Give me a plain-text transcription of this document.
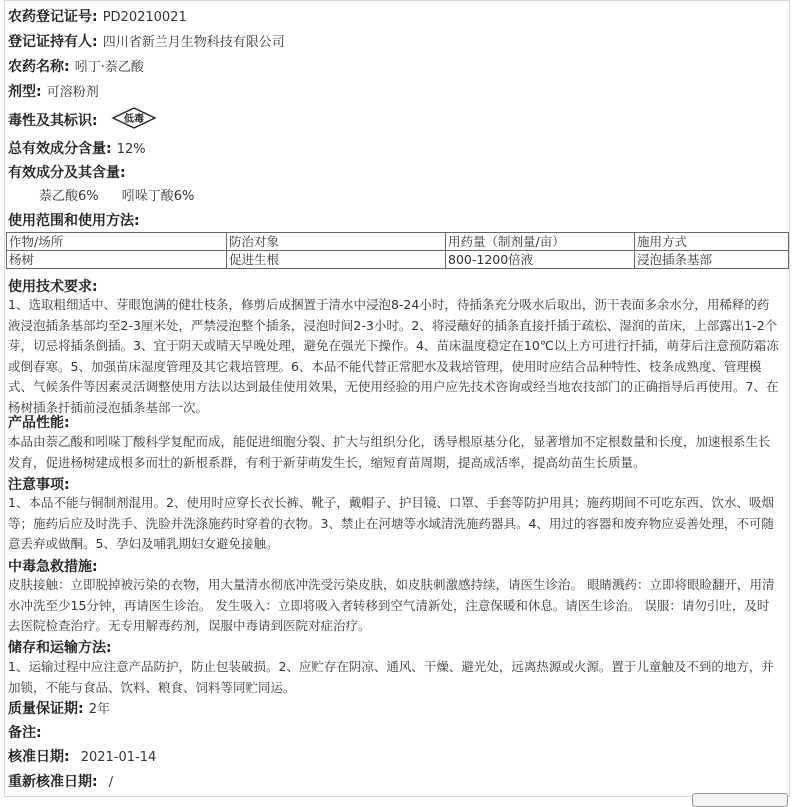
农药登记证号: PD20210021
登记证持有人: 四川省新兰月生物科技有限公司
农药名称: 吲丁·萘乙酸
剂型: 可溶粉剂
毒性及其标识:	低毒
总有效成分含量: 12%
有效成分及其含量:
萘乙酸6% 吲哚丁酸6%
使用范围和使用方法:
作物/场所	防治对象	用药量（制剂量/亩）	施用方式
杨树	促进生根	800-1200倍液	浸泡插条基部
使用技术要求:
1、选取粗细适中、芽眼饱满的健壮枝条，修剪后成捆置于清水中浸泡8-24小时，待插条充分吸水后取出，沥干表面多余水分，用稀释的药液浸泡插条基部均至2-3厘米处，严禁浸泡整个插条，浸泡时间2-3小时。2、将浸蘸好的插条直接扦插于疏松、湿润的苗床，上部露出1-2个芽，切忌将插条倒插。3、宜于阴天或晴天早晚处理，避免在强光下操作。4、苗床温度稳定在10℃以上方可进行扦插，萌芽后注意预防霜冻或倒春寒。5、加强苗床湿度管理及其它栽培管理。6、本品不能代替正常肥水及栽培管理，使用时应结合品种特性、枝条成熟度、管理模式、气候条件等因素灵活调整使用方法以达到最佳使用效果，无使用经验的用户应先技术咨询或经当地农技部门的正确指导后再使用。7、在杨树插条扦插前浸泡插条基部一次。
产品性能:
本品由萘乙酸和吲哚丁酸科学复配而成，能促进细胞分裂、扩大与组织分化，诱导根原基分化，显著增加不定根数量和长度，加速根系生长发育，促进杨树建成根多而壮的新根系群，有利于新芽萌发生长，缩短育苗周期，提高成活率，提高幼苗生长质量。
注意事项:
1、本品不能与铜制剂混用。2、使用时应穿长衣长裤、靴子，戴帽子、护目镜、口罩、手套等防护用具；施药期间不可吃东西、饮水、吸烟等；施药后应及时洗手、洗脸并洗涤施药时穿着的衣物。3、禁止在河塘等水域清洗施药器具。4、用过的容器和废弃物应妥善处理，不可随意丢弃或做酮。5、孕妇及哺乳期妇女避免接触。
中毒急救措施:
皮肤接触：立即脱掉被污染的衣物，用大量清水彻底冲洗受污染皮肤，如皮肤刺激感持续，请医生诊治。 眼睛溅药：立即将眼睑翻开，用清水冲洗至少15分钟，再请医生诊治。 发生吸入：立即将吸入者转移到空气清新处，注意保暖和休息。请医生诊治。 误服：请勿引吐，及时去医院检查治疗。无专用解毒药剂，误服中毒请到医院对症治疗。
储存和运输方法:
1、运输过程中应注意产品防护，防止包装破损。2、应贮存在阴凉、通风、干燥、避光处，远离热源或火源。置于儿童触及不到的地方，并加锁，不能与食品、饮料、粮食、饲料等同贮同运。
质量保证期: 2年
备注:
核准日期: 2021-01-14
重新核准日期: /
